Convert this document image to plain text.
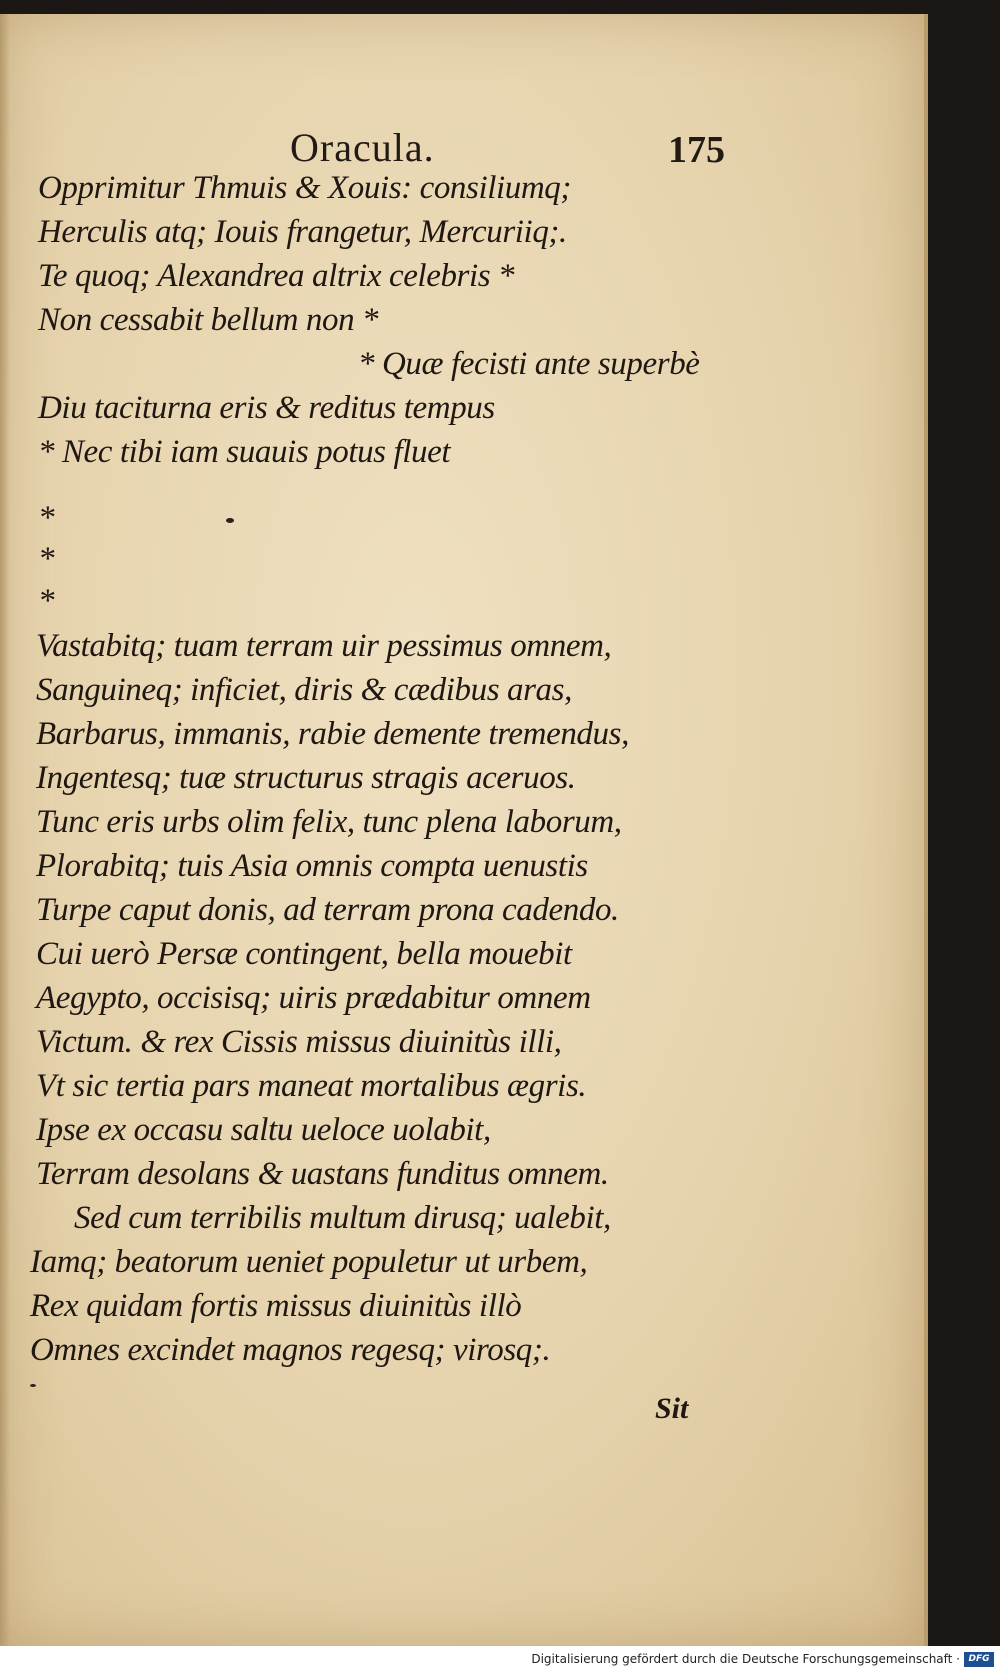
Oracula.	175
Opprimitur Thmuis & Xouis: consiliumq;
Herculis atq; Iouis frangetur, Mercuriiq;.
Te quoq; Alexandrea altrix celebris *
Non cessabit bellum non *
* Quæ fecisti ante superbè
Diu taciturna eris & reditus tempus
* Nec tibi iam suauis potus fluet
*
*
*
Vastabitq; tuam terram uir pessimus omnem,
Sanguineq; inficiet, diris & cædibus aras,
Barbarus, immanis, rabie demente tremendus,
Ingentesq; tuæ structurus stragis aceruos.
Tunc eris urbs olim felix, tunc plena laborum,
Plorabitq; tuis Asia omnis compta uenustis
Turpe caput donis, ad terram prona cadendo.
Cui uerò Persæ contingent, bella mouebit
Aegypto, occisisq; uiris prædabitur omnem
Victum. & rex Cissis missus diuinitùs illi,
Vt sic tertia pars maneat mortalibus ægris.
Ipse ex occasu saltu ueloce uolabit,
Terram desolans & uastans funditus omnem.
Sed cum terribilis multum dirusq; ualebit,
Iamq; beatorum ueniet populetur ut urbem,
Rex quidam fortis missus diuinitùs illò
Omnes excindet magnos regesq; virosq;.
Sit
Digitalisierung gefördert durch die Deutsche Forschungsgemeinschaft · DFG
